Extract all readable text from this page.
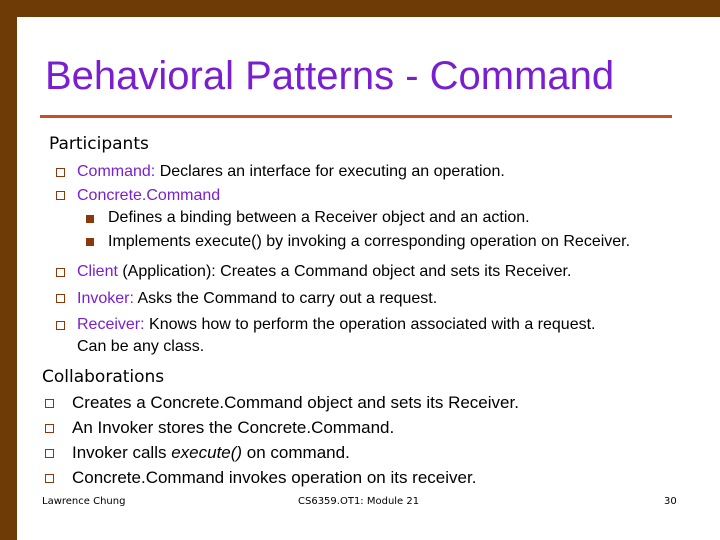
Behavioral Patterns - Command
Participants
Command: Declares an interface for executing an operation.
Concrete.Command
Defines a binding between a Receiver object and an action.
Implements execute() by invoking a corresponding operation on Receiver.
Client (Application): Creates a Command object and sets its Receiver.
Invoker: Asks the Command to carry out a request.
Receiver: Knows how to perform the operation associated with a request.
Can be any class.
Collaborations
Creates a Concrete.Command object and sets its Receiver.
An Invoker stores the Concrete.Command.
Invoker calls execute() on command.
Concrete.Command invokes operation on its receiver.
Lawrence Chung	CS6359.OT1: Module 21	30
